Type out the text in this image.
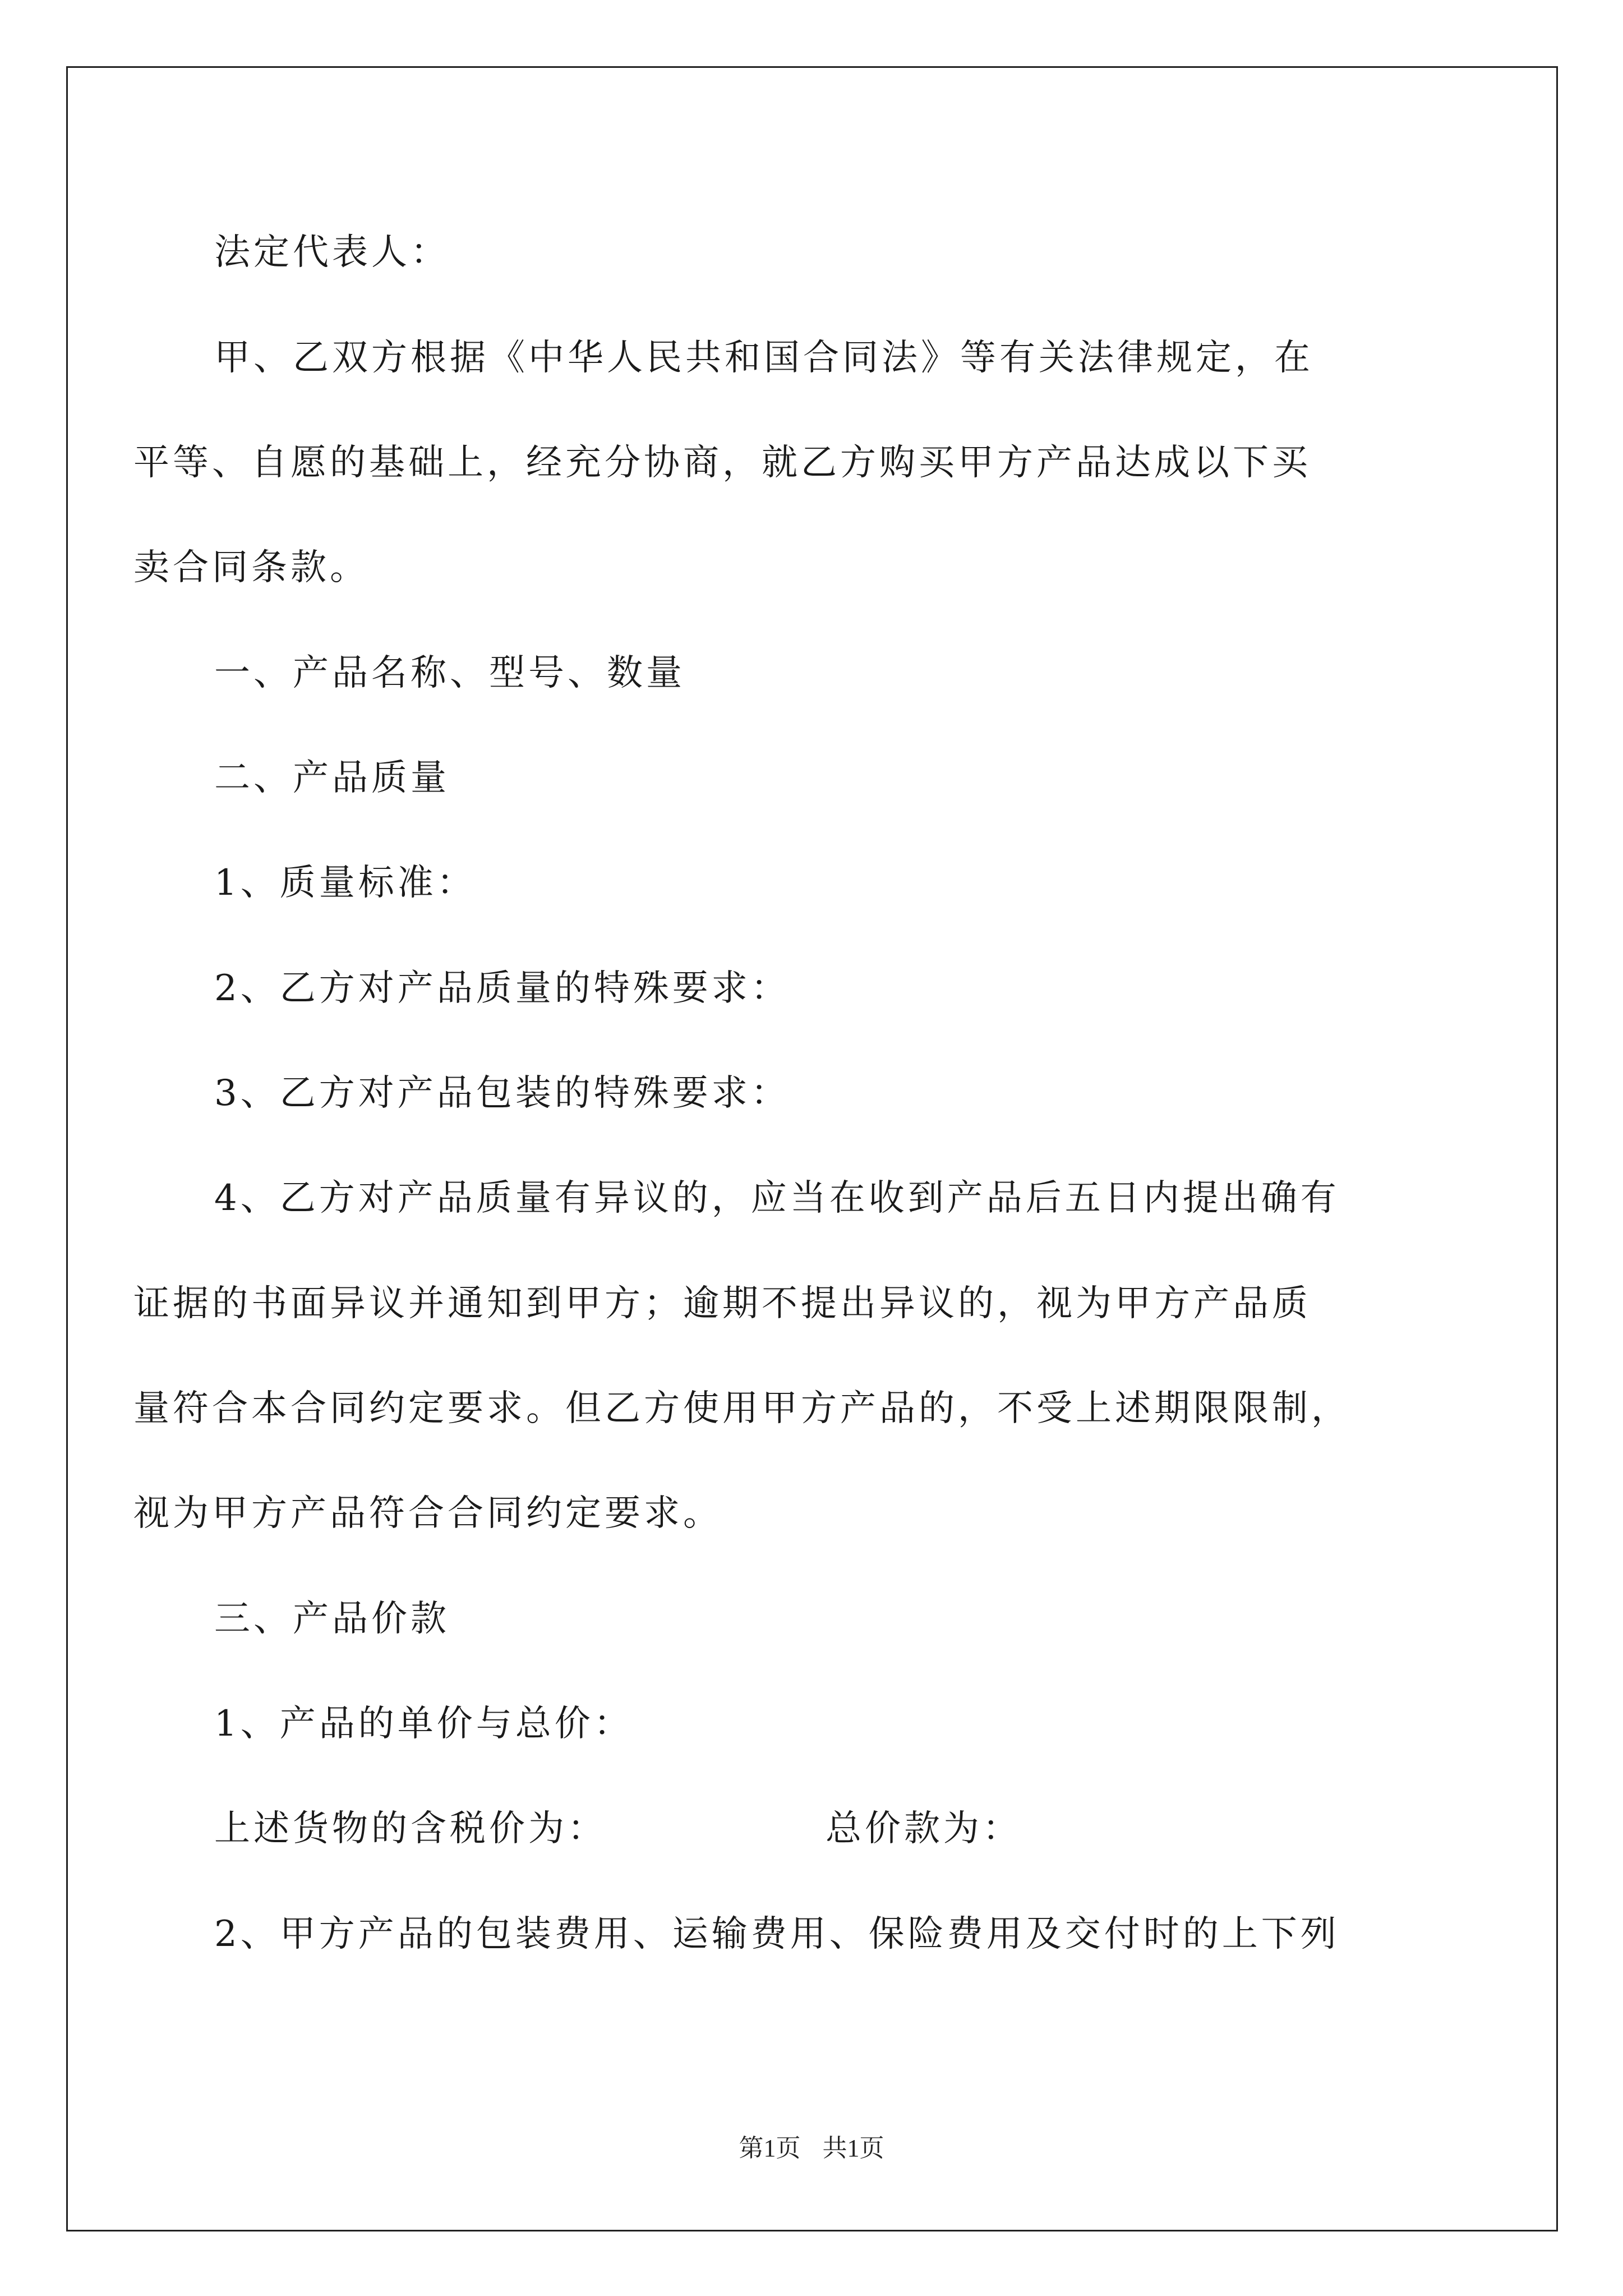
法定代表人：
甲、乙双方根据《中华人民共和国合同法》等有关法律规定，在
平等、自愿的基础上，经充分协商，就乙方购买甲方产品达成以下买
卖合同条款。
一、产品名称、型号、数量
二、产品质量
1、质量标准：
2、乙方对产品质量的特殊要求：
3、乙方对产品包装的特殊要求：
4、乙方对产品质量有异议的，应当在收到产品后五日内提出确有
证据的书面异议并通知到甲方；逾期不提出异议的，视为甲方产品质
量符合本合同约定要求。但乙方使用甲方产品的，不受上述期限限制，
视为甲方产品符合合同约定要求。
三、产品价款
1、产品的单价与总价：
上述货物的含税价为：	总价款为：
2、甲方产品的包装费用、运输费用、保险费用及交付时的上下列
第1页 共1页
